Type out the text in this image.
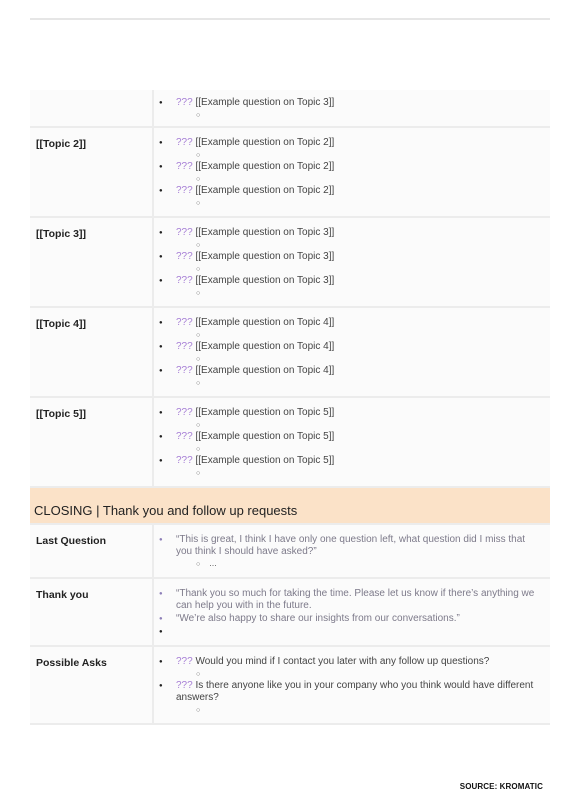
● ??? [[Example question on Topic 3]]
○
[[Topic 2]]	● ??? [[Example question on Topic 2]]
○
● ??? [[Example question on Topic 2]]
○
● ??? [[Example question on Topic 2]]
○
[[Topic 3]]	● ??? [[Example question on Topic 3]]
○
● ??? [[Example question on Topic 3]]
○
● ??? [[Example question on Topic 3]]
○
[[Topic 4]]	● ??? [[Example question on Topic 4]]
○
● ??? [[Example question on Topic 4]]
○
● ??? [[Example question on Topic 4]]
○
[[Topic 5]]	● ??? [[Example question on Topic 5]]
○
● ??? [[Example question on Topic 5]]
○
● ??? [[Example question on Topic 5]]
○
CLOSING | Thank you and follow up requests
Last Question	● “This is great, I think I have only one question left, what question did I miss that you think I should have asked?”
○ ...
Thank you	● “Thank you so much for taking the time. Please let us know if there’s anything we can help you with in the future.
● “We’re also happy to share our insights from our conversations.”
●
Possible Asks	● ??? Would you mind if I contact you later with any follow up questions?
○
● ??? Is there anyone like you in your company who you think would have different answers?
○
SOURCE: KROMATIC
